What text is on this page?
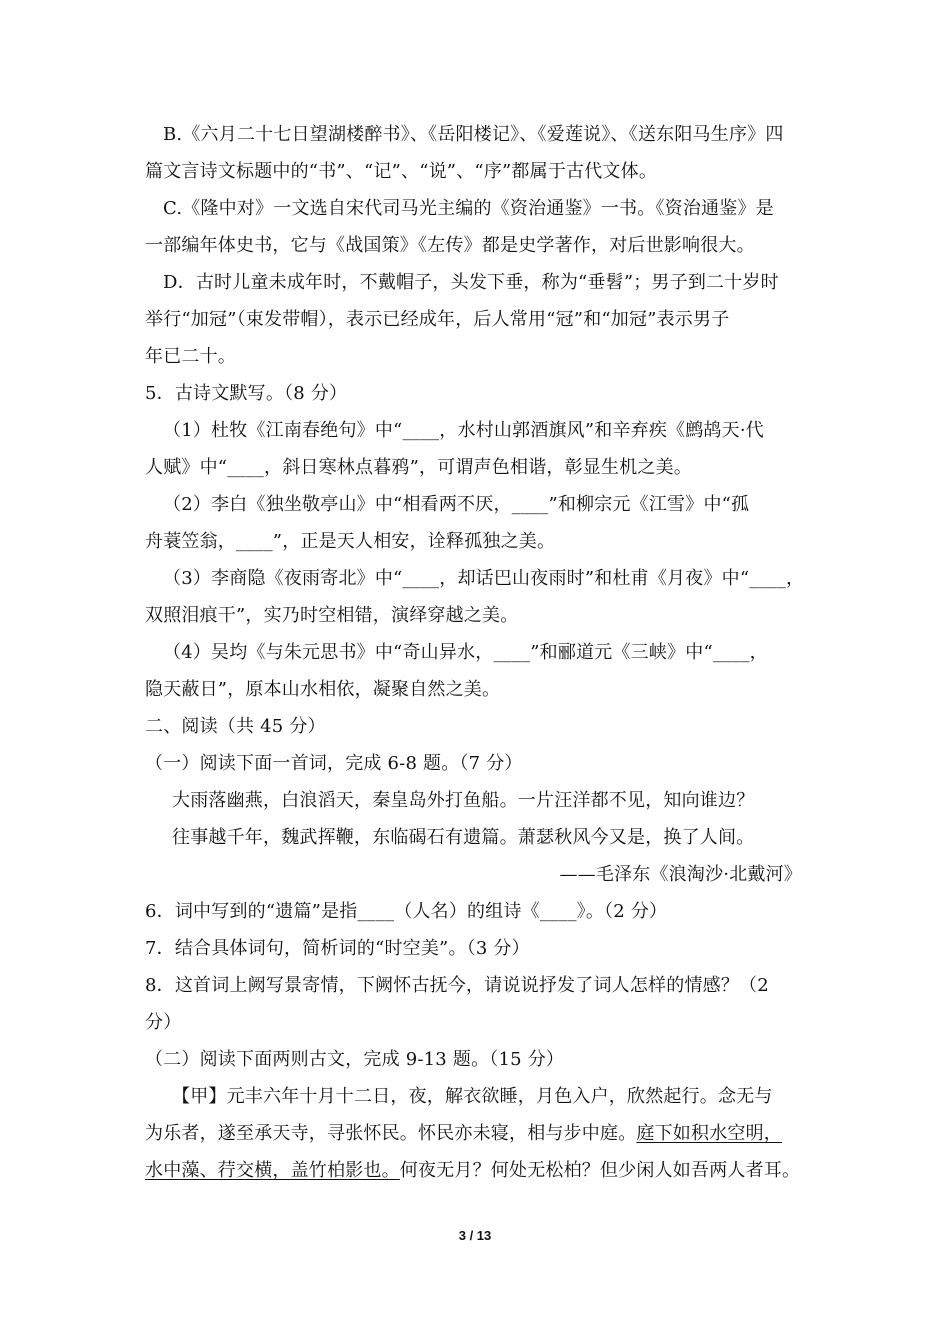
B.《六月二十七日望湖楼醉书》、《岳阳楼记》、《爱莲说》、《送东阳马生序》四
篇文言诗文标题中的“书”、“记”、“说”、“序”都属于古代文体。
C.《隆中对》一文选自宋代司马光主编的《资治通鉴》一书。《资治通鉴》是
一部编年体史书，它与《战国策》《左传》都是史学著作，对后世影响很大。
D．古时儿童未成年时，不戴帽子，头发下垂，称为“垂髫”；男子到二十岁时
举行“加冠”（束发带帽），表示已经成年，后人常用“冠”和“加冠”表示男子
年已二十。
5．古诗文默写。（8 分）
（1）杜牧《江南春绝句》中“____，水村山郭酒旗风”和辛弃疾《鹧鸪天·代
人赋》中“____，斜日寒林点暮鸦”，可谓声色相谐，彰显生机之美。
（2）李白《独坐敬亭山》中“相看两不厌，____”和柳宗元《江雪》中“孤
舟蓑笠翁，____”，正是天人相安，诠释孤独之美。
（3）李商隐《夜雨寄北》中“____，却话巴山夜雨时”和杜甫《月夜》中“____，
双照泪痕干”，实乃时空相错，演绎穿越之美。
（4）吴均《与朱元思书》中“奇山异水，____”和郦道元《三峡》中“____，
隐天蔽日”，原本山水相依，凝聚自然之美。
二、阅读（共 45 分）
（一）阅读下面一首词，完成 6-8 题。（7 分）
大雨落幽燕，白浪滔天，秦皇岛外打鱼船。一片汪洋都不见，知向谁边？
往事越千年，魏武挥鞭，东临碣石有遗篇。萧瑟秋风今又是，换了人间。
——毛泽东《浪淘沙·北戴河》
6．词中写到的“遗篇”是指____（人名）的组诗《____》。（2 分）
7．结合具体词句，简析词的“时空美”。（3 分）
8．这首词上阙写景寄情，下阙怀古抚今，请说说抒发了词人怎样的情感？（2
分）
（二）阅读下面两则古文，完成 9-13 题。（15 分）
【甲】元丰六年十月十二日，夜，解衣欲睡，月色入户，欣然起行。念无与
为乐者，遂至承天寺，寻张怀民。怀民亦未寝，相与步中庭。庭下如积水空明，
水中藻、荇交横，盖竹柏影也。何夜无月？何处无松柏？但少闲人如吾两人者耳。
3 / 13
